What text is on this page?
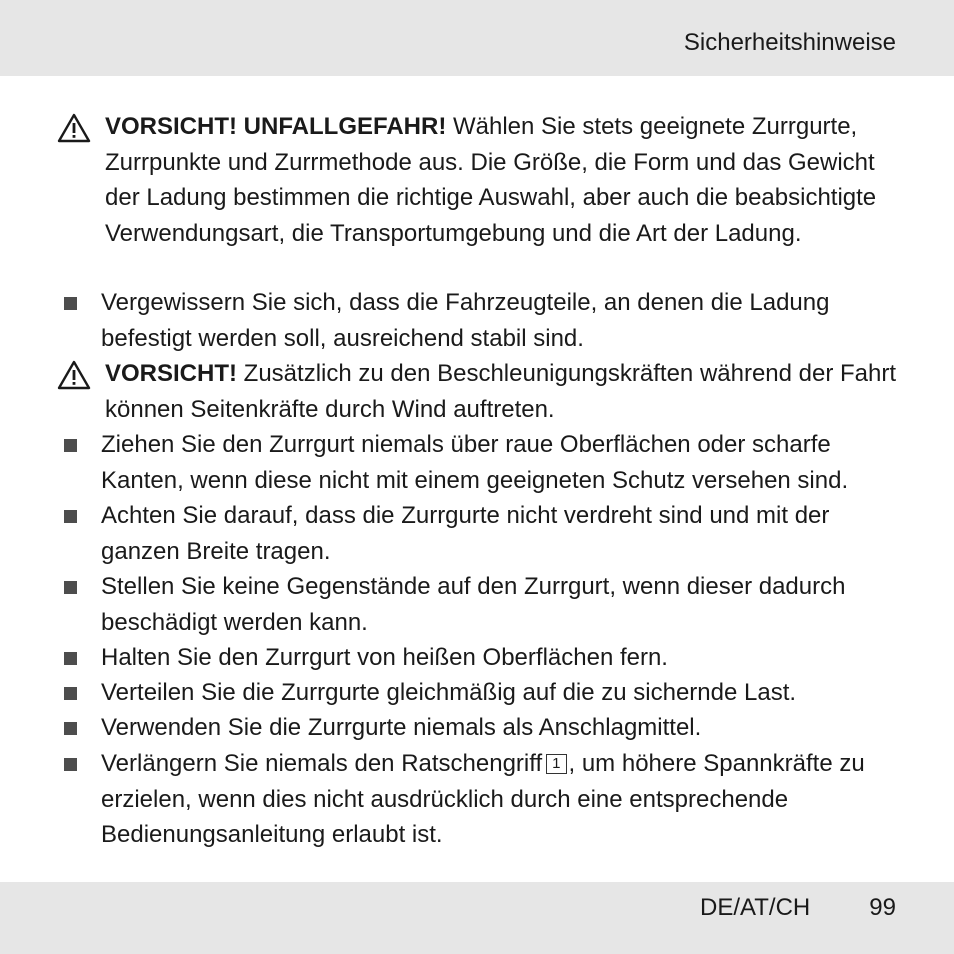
Sicherheitshinweise
VORSICHT! UNFALLGEFAHR! Wählen Sie stets geeignete Zurrgurte, Zurrpunkte und Zurrmethode aus. Die Größe, die Form und das Gewicht der Ladung bestimmen die richtige Auswahl, aber auch die beabsichtigte Verwendungsart, die Transportumgebung und die Art der Ladung.
Vergewissern Sie sich, dass die Fahrzeugteile, an denen die Ladung befestigt werden soll, ausreichend stabil sind.
VORSICHT! Zusätzlich zu den Beschleunigungskräften während der Fahrt können Seitenkräfte durch Wind auftreten.
Ziehen Sie den Zurrgurt niemals über raue Oberflächen oder scharfe Kanten, wenn diese nicht mit einem geeigneten Schutz versehen sind.
Achten Sie darauf, dass die Zurrgurte nicht verdreht sind und mit der ganzen Breite tragen.
Stellen Sie keine Gegenstände auf den Zurrgurt, wenn dieser dadurch beschädigt werden kann.
Halten Sie den Zurrgurt von heißen Oberflächen fern.
Verteilen Sie die Zurrgurte gleichmäßig auf die zu sichernde Last.
Verwenden Sie die Zurrgurte niemals als Anschlagmittel.
Verlängern Sie niemals den Ratschengriff 1 , um höhere Spannkräfte zu erzielen, wenn dies nicht ausdrücklich durch eine entsprechende Bedienungsanleitung erlaubt ist.
DE/AT/CH 99
